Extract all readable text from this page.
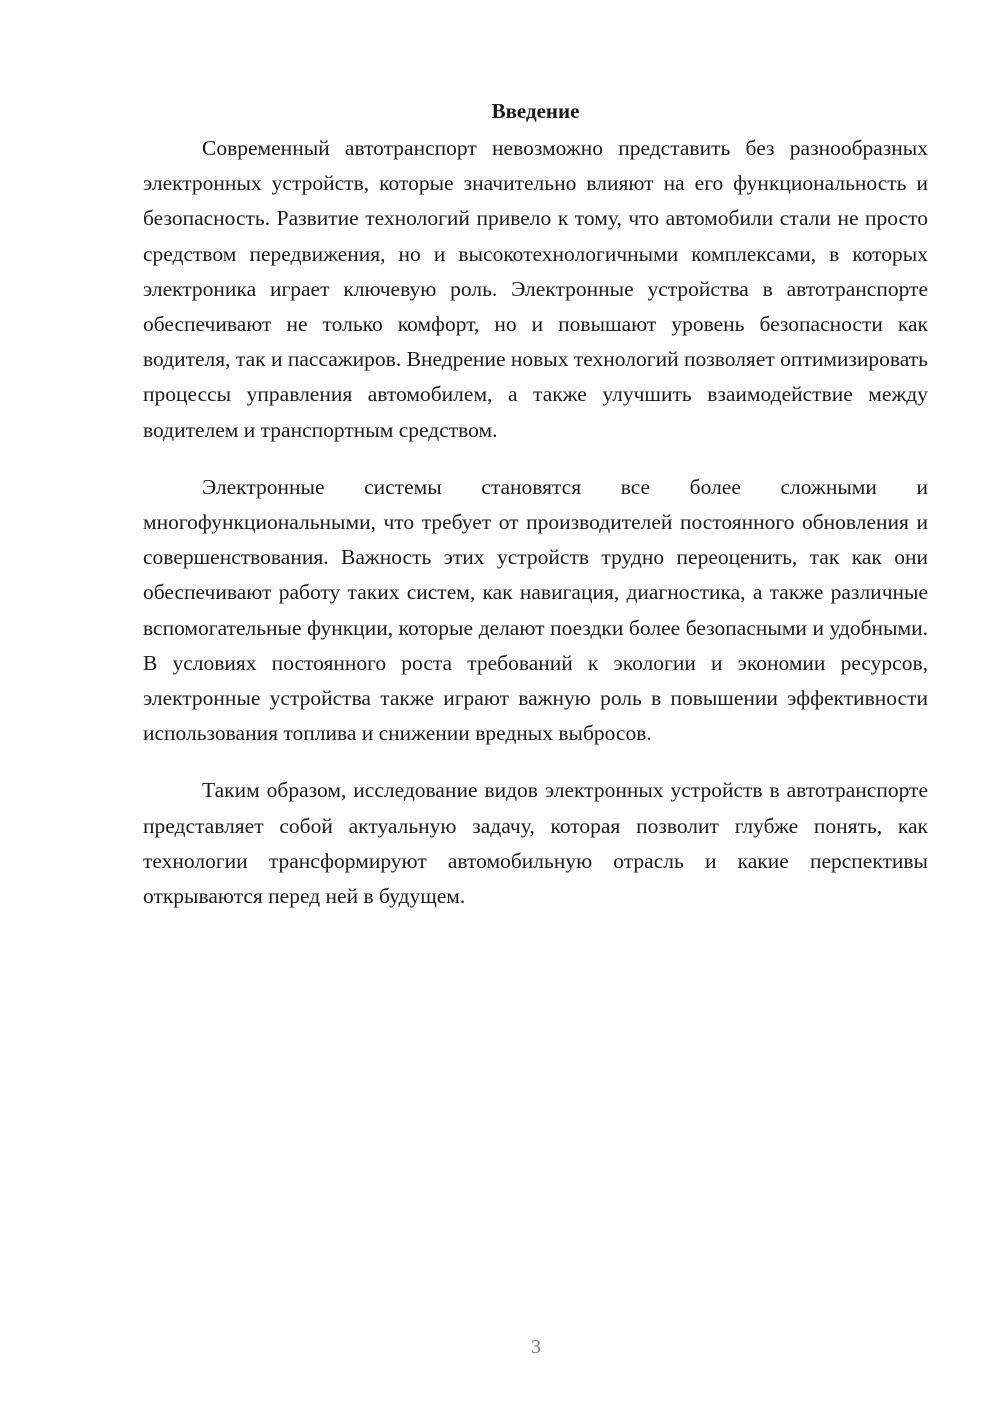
Введение

Современный автотранспорт невозможно представить без разнообразных электронных устройств, которые значительно влияют на его функциональность и безопасность. Развитие технологий привело к тому, что автомобили стали не просто средством передвижения, но и высокотехнологичными комплексами, в которых электроника играет ключевую роль. Электронные устройства в автотранспорте обеспечивают не только комфорт, но и повышают уровень безопасности как водителя, так и пассажиров. Внедрение новых технологий позволяет оптимизировать процессы управления автомобилем, а также улучшить взаимодействие между водителем и транспортным средством.

Электронные системы становятся все более сложными и многофункциональными, что требует от производителей постоянного обновления и совершенствования. Важность этих устройств трудно переоценить, так как они обеспечивают работу таких систем, как навигация, диагностика, а также различные вспомогательные функции, которые делают поездки более безопасными и удобными. В условиях постоянного роста требований к экологии и экономии ресурсов, электронные устройства также играют важную роль в повышении эффективности использования топлива и снижении вредных выбросов.

Таким образом, исследование видов электронных устройств в автотранспорте представляет собой актуальную задачу, которая позволит глубже понять, как технологии трансформируют автомобильную отрасль и какие перспективы открываются перед ней в будущем.

3
